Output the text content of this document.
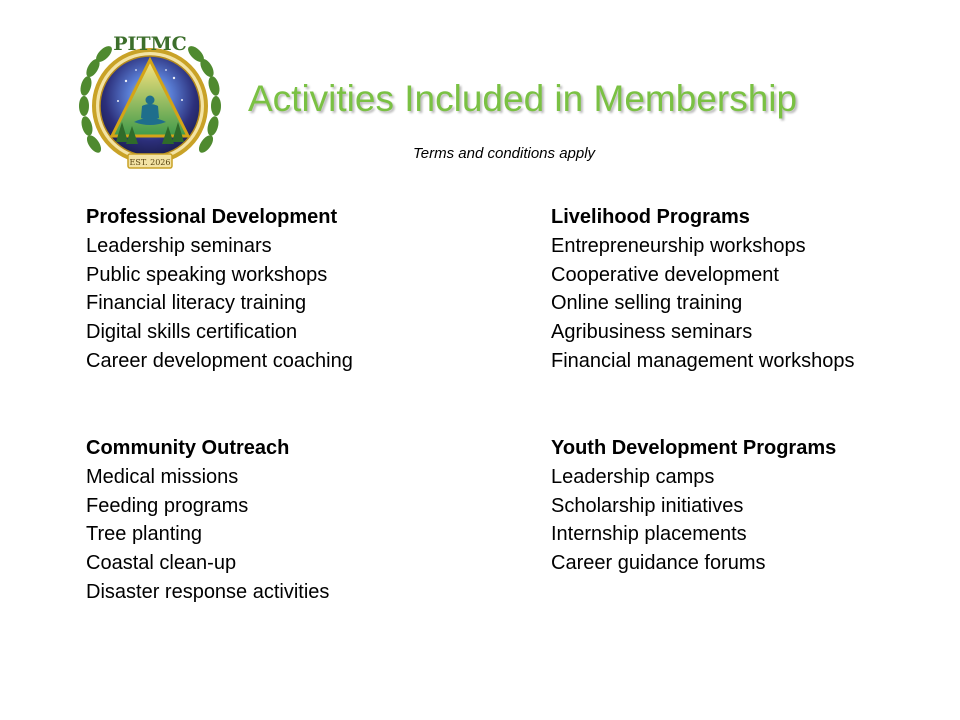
PITMC
EST. 2026
Activities Included in Membership
Terms and conditions apply
Professional Development
Leadership seminars
Public speaking workshops
Financial literacy training
Digital skills certification
Career development coaching
Livelihood Programs
Entrepreneurship workshops
Cooperative development
Online selling training
Agribusiness seminars
Financial management workshops
Community Outreach
Medical missions
Feeding programs
Tree planting
Coastal clean-up
Disaster response activities
Youth Development Programs
Leadership camps
Scholarship initiatives
Internship placements
Career guidance forums
